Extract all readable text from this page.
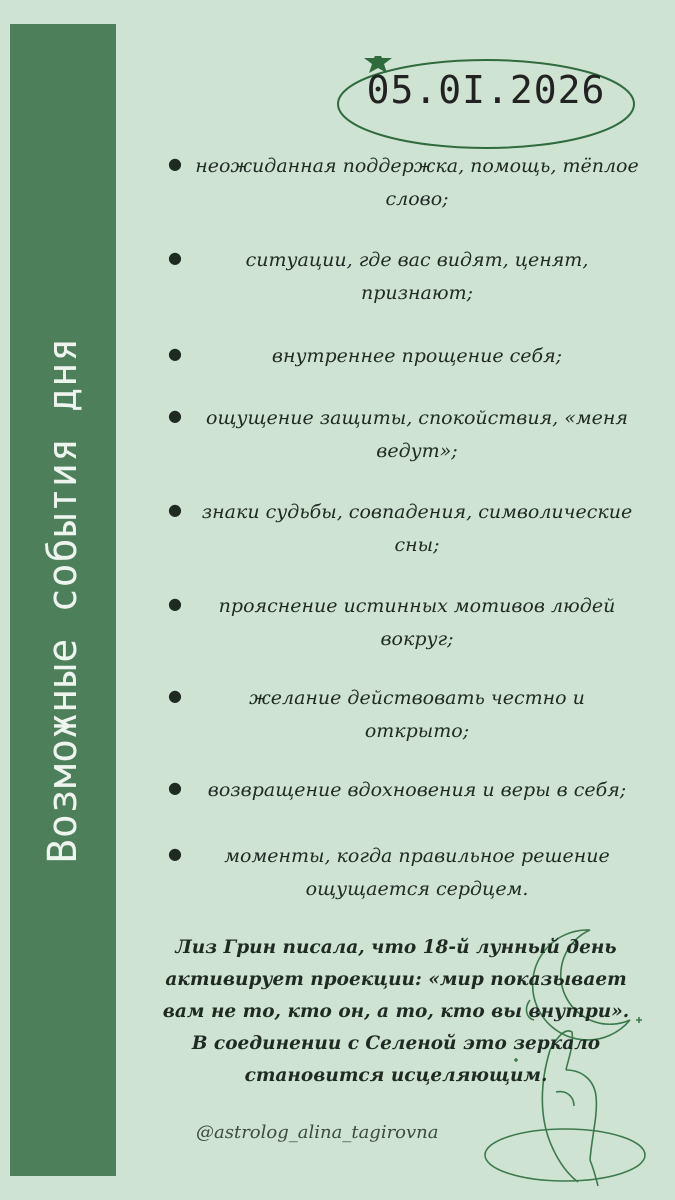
Возможные события дня
05.0I.2026
● неожиданная поддержка, помощь, тёплое слово;
●	ситуации, где вас видят, ценят, признают;
●	внутреннее прощение себя;
●	ощущение защиты, спокойствия, «меня ведут»;
●	знаки судьбы, совпадения, символические сны;
●	прояснение истинных мотивов людей вокруг;
●	желание действовать честно и открыто;
●	возвращение вдохновения и веры в себя;
●	моменты, когда правильное решение ощущается сердцем.
Лиз Грин писала, что 18-й лунный день активирует проекции: «мир показывает вам не то, кто он, а то, кто вы внутри». В соединении с Селеной это зеркало становится исцеляющим.
@astrolog_alina_tagirovna
